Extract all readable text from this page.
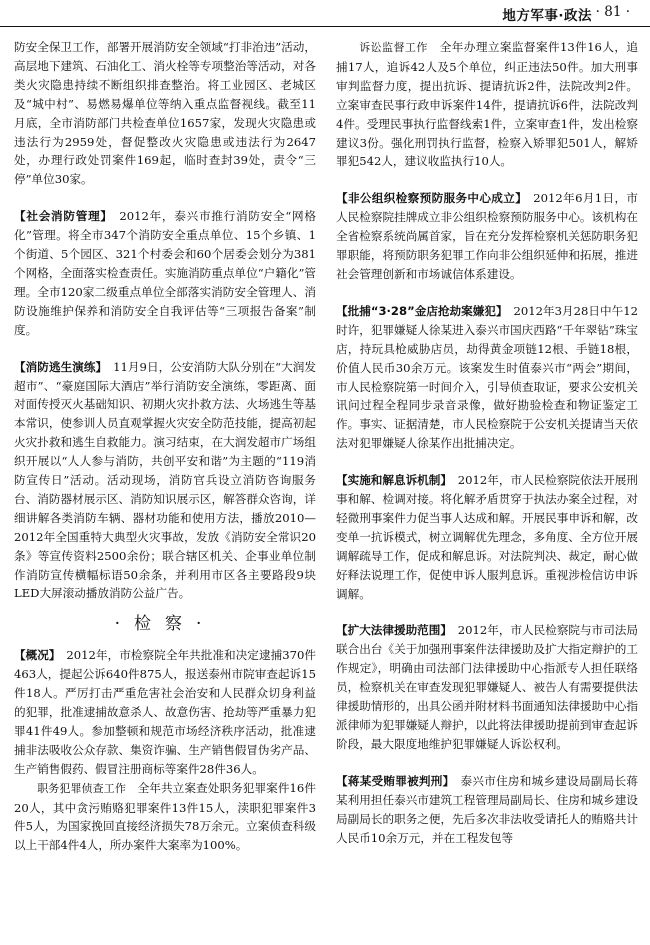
地方军事·政法 · 81 ·

防安全保卫工作，部署开展消防安全领域“打非治违”活动，高层地下建筑、石油化工、消火栓等专项整治等活动，对各类火灾隐患持续不断组织排查整治。将工业园区、老城区及“城中村”、易燃易爆单位等纳入重点监督视线。截至11月底，全市消防部门共检查单位1657家，发现火灾隐患或违法行为2959处，督促整改火灾隐患或违法行为2647处，办理行政处罚案件169起，临时查封39处，责令“三停”单位30家。

【社会消防管理】　 2012年，泰兴市推行消防安全“网格化”管理。将全市347个消防安全重点单位、15个乡镇、1个街道、5个园区、321个村委会和60个居委会划分为381个网格，全面落实检查责任。实施消防重点单位“户籍化”管理。全市120家二级重点单位全部落实消防安全管理人、消防设施维护保养和消防安全自我评估等“三项报告备案”制度。

【消防逃生演练】　 11月9日，公安消防大队分别在“大润发超市”、“豪庭国际大酒店”举行消防安全演练，零距离、面对面传授灭火基础知识、初期火灾扑救方法、火场逃生等基本常识，使参训人员直观掌握火灾安全防范技能，提高初起火灾扑救和逃生自救能力。演习结束，在大润发超市广场组织开展以“人人参与消防，共创平安和谐”为主题的“119消防宣传日”活动。活动现场，消防官兵设立消防咨询服务台、消防器材展示区、消防知识展示区，解答群众咨询，详细讲解各类消防车辆、器材功能和使用方法，播放2010—2012年全国重特大典型火灾事故，发放《消防安全常识20条》等宣传资料2500余份；联合辖区机关、企事业单位制作消防宣传横幅标语50余条，并利用市区各主要路段9块LED大屏滚动播放消防公益广告。

·检察·

【概况】　 2012年，市检察院全年共批准和决定逮捕370件463人，提起公诉640件875人，报送泰州市院审查起诉15件18人。严厉打击严重危害社会治安和人民群众切身利益的犯罪，批准逮捕故意杀人、故意伤害、抢劫等严重暴力犯罪41件49人。参加整顿和规范市场经济秩序活动，批准逮捕非法吸收公众存款、集资诈骗、生产销售假冒伪劣产品、生产销售假药、假冒注册商标等案件28件36人。

职务犯罪侦查工作　 全年共立案查处职务犯罪案件16件20人，其中贪污贿赂犯罪案件13件15人，渎职犯罪案件3件5人，为国家挽回直接经济损失78万余元。立案侦查科级以上干部4件4人，所办案件大案率为100%。

诉讼监督工作　 全年办理立案监督案件13件16人，追捕17人，追诉42人及5个单位，纠正违法50件。加大刑事审判监督力度，提出抗诉、提请抗诉2件，法院改判2件。立案审查民事行政申诉案件14件，提请抗诉6件，法院改判4件。受理民事执行监督线索1件，立案审查1件，发出检察建议3份。强化刑罚执行监督，检察入矫罪犯501人，解矫罪犯542人，建议收监执行10人。

【非公组织检察预防服务中心成立】　 2012年6月1日，市人民检察院挂牌成立非公组织检察预防服务中心。该机构在全省检察系统尚属首家，旨在充分发挥检察机关惩防职务犯罪职能，将预防职务犯罪工作向非公组织延伸和拓展，推进社会管理创新和市场诚信体系建设。

【批捕“3·28”金店抢劫案嫌犯】　 2012年3月28日中午12时许，犯罪嫌疑人徐某进入泰兴市国庆西路“千年翠钻”珠宝店，持玩具枪威胁店员，劫得黄金项链12根、手链18根，价值人民币30余万元。该案发生时值泰兴市“两会”期间，市人民检察院第一时间介入，引导侦查取证，要求公安机关讯问过程全程同步录音录像，做好勘验检查和物证鉴定工作。事实、证据清楚，市人民检察院于公安机关提请当天依法对犯罪嫌疑人徐某作出批捕决定。

【实施和解息诉机制】　 2012年，市人民检察院依法开展刑事和解、检调对接。将化解矛盾贯穿于执法办案全过程，对轻微刑事案件力促当事人达成和解。开展民事申诉和解，改变单一抗诉模式，树立调解优先理念，多角度、全方位开展调解疏导工作，促成和解息诉。对法院判决、裁定，耐心做好释法说理工作，促使申诉人服判息诉。重视涉检信访申诉调解。

【扩大法律援助范围】　 2012年，市人民检察院与市司法局联合出台《关于加强刑事案件法律援助及扩大指定辩护的工作规定》，明确由司法部门法律援助中心指派专人担任联络员，检察机关在审查发现犯罪嫌疑人、被告人有需要提供法律援助情形的，出具公函并附材料书面通知法律援助中心指派律师为犯罪嫌疑人辩护，以此将法律援助提前到审查起诉阶段，最大限度地维护犯罪嫌疑人诉讼权利。

【蒋某受贿罪被判刑】　 泰兴市住房和城乡建设局副局长蒋某利用担任泰兴市建筑工程管理局副局长、住房和城乡建设局副局长的职务之便，先后多次非法收受请托人的贿赂共计人民币10余万元，并在工程发包等
